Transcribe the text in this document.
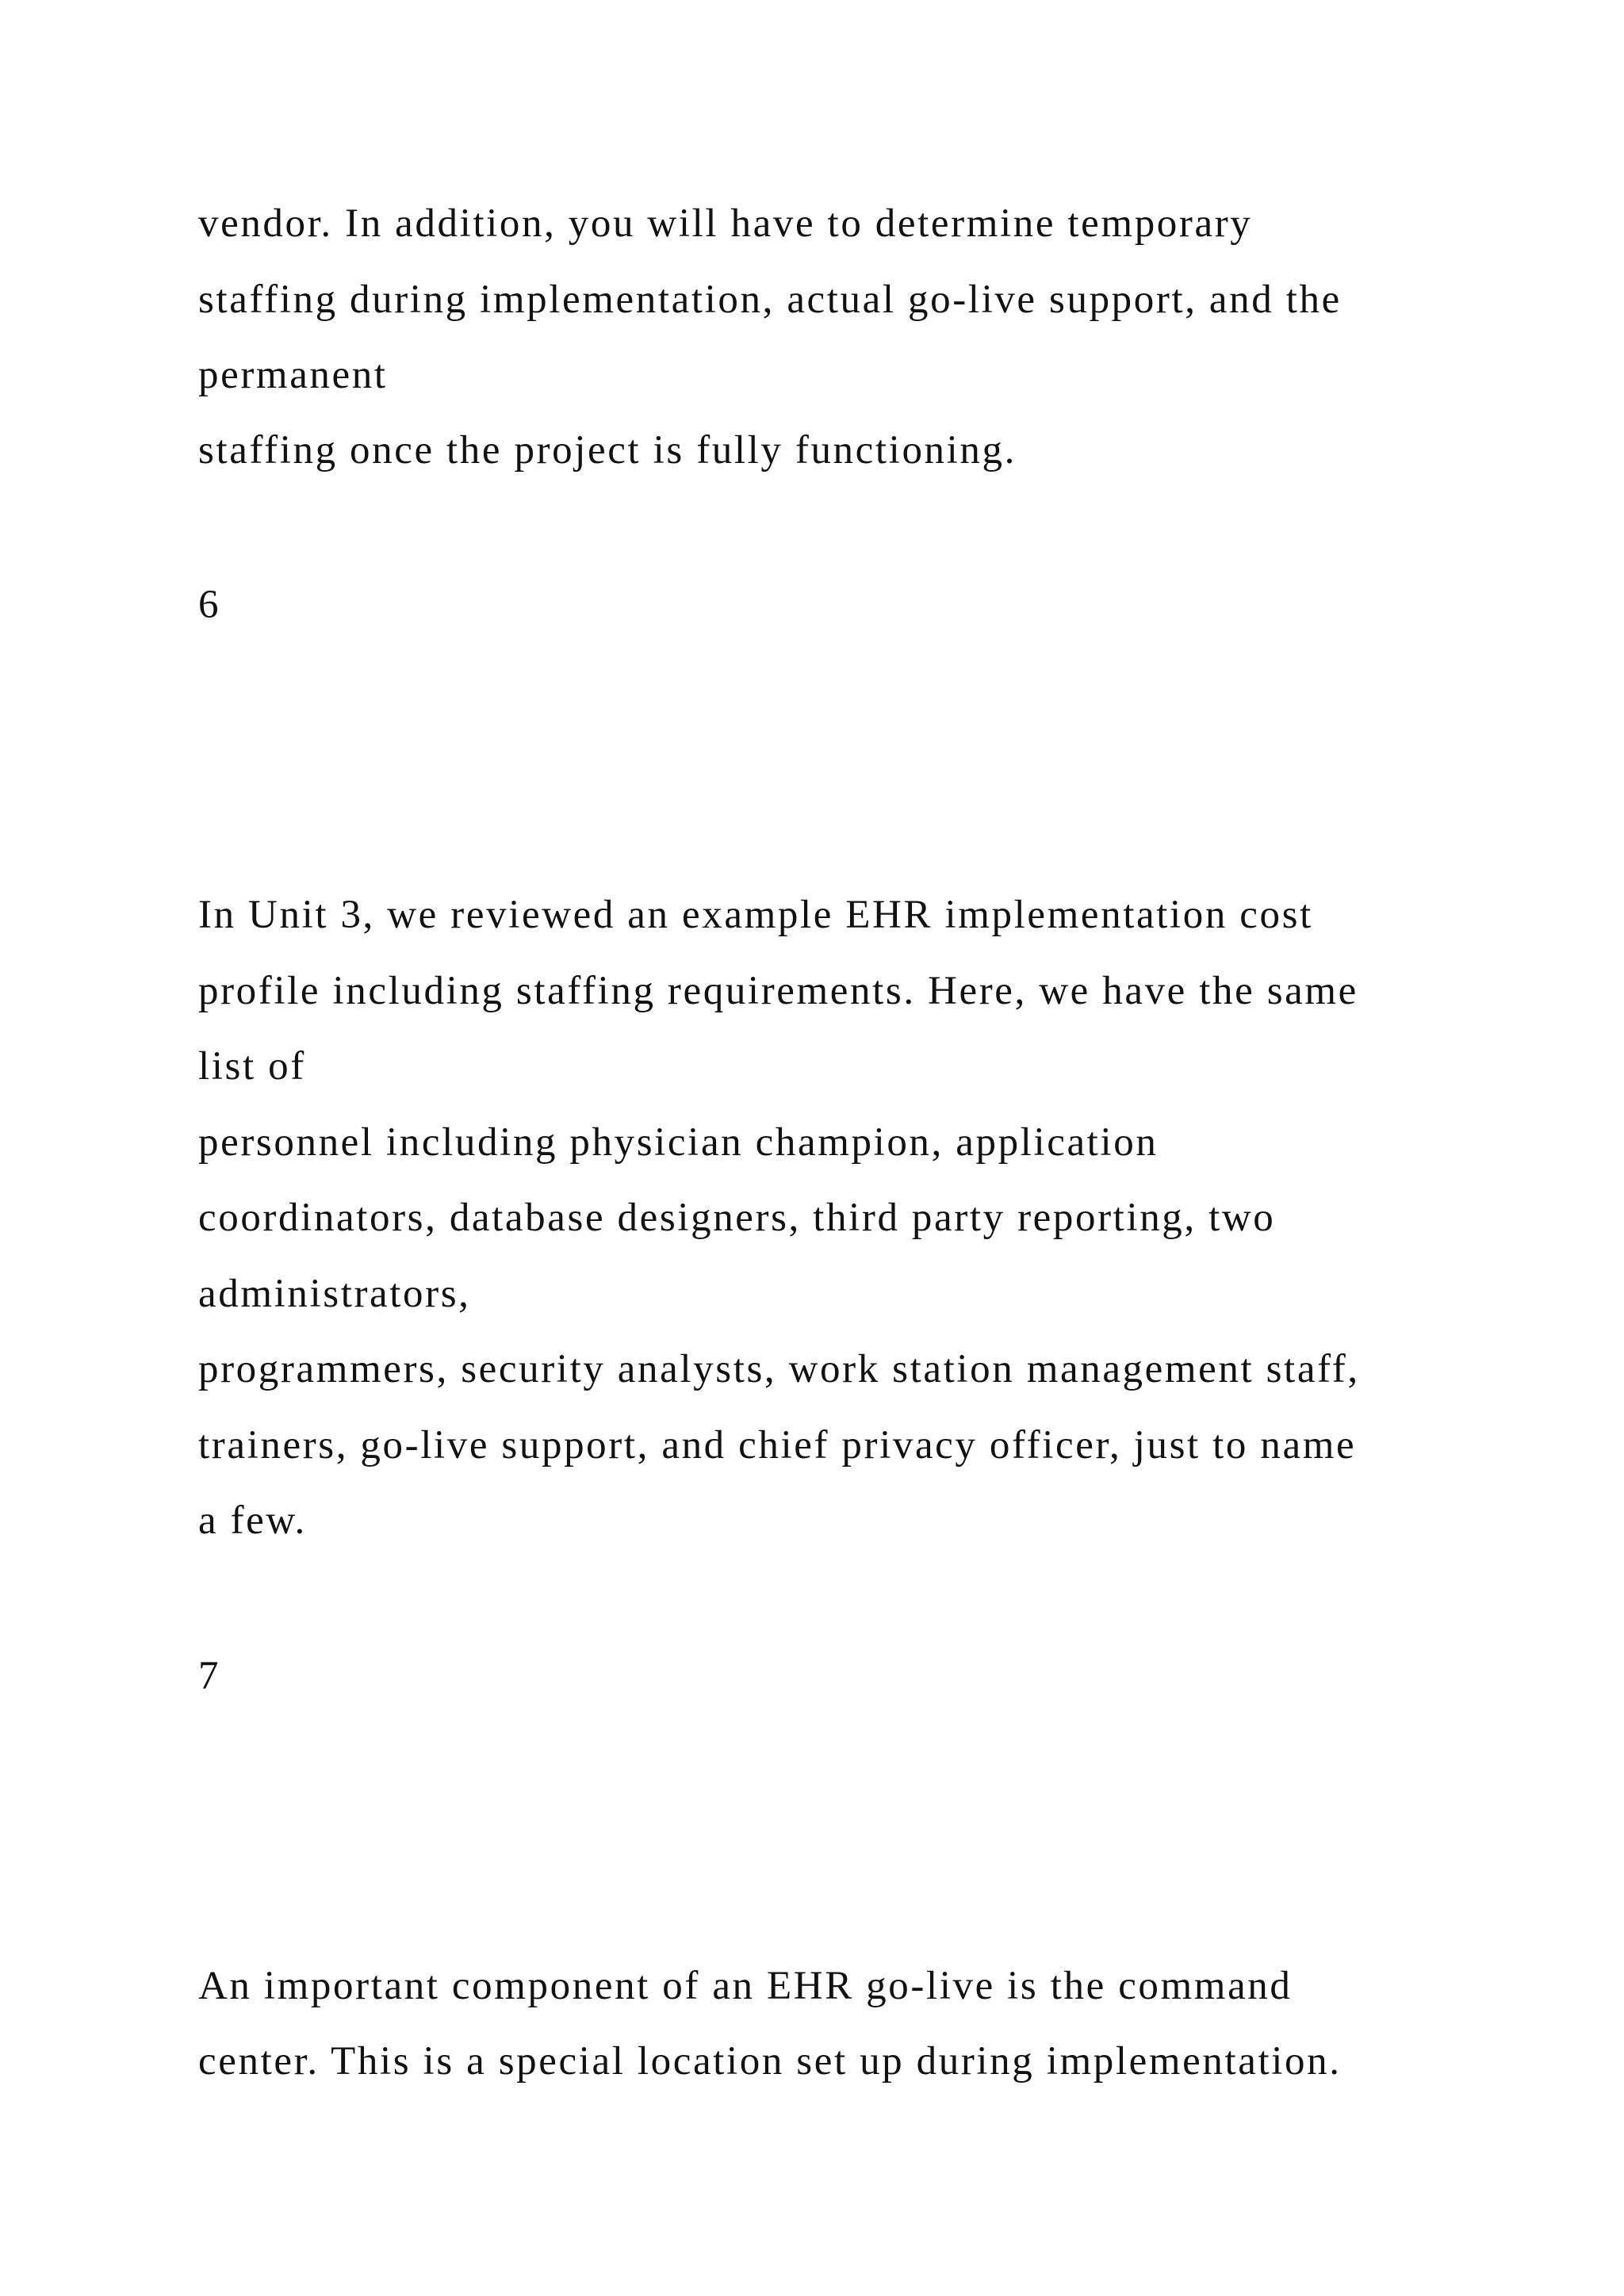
vendor. In addition, you will have to determine temporary

staffing during implementation, actual go-live support, and the

permanent

staffing once the project is fully functioning.

6

In Unit 3, we reviewed an example EHR implementation cost

profile including staffing requirements. Here, we have the same

list of

personnel including physician champion, application

coordinators, database designers, third party reporting, two

administrators,

programmers, security analysts, work station management staff,

trainers, go-live support, and chief privacy officer, just to name

a few.

7

An important component of an EHR go-live is the command

center. This is a special location set up during implementation.
